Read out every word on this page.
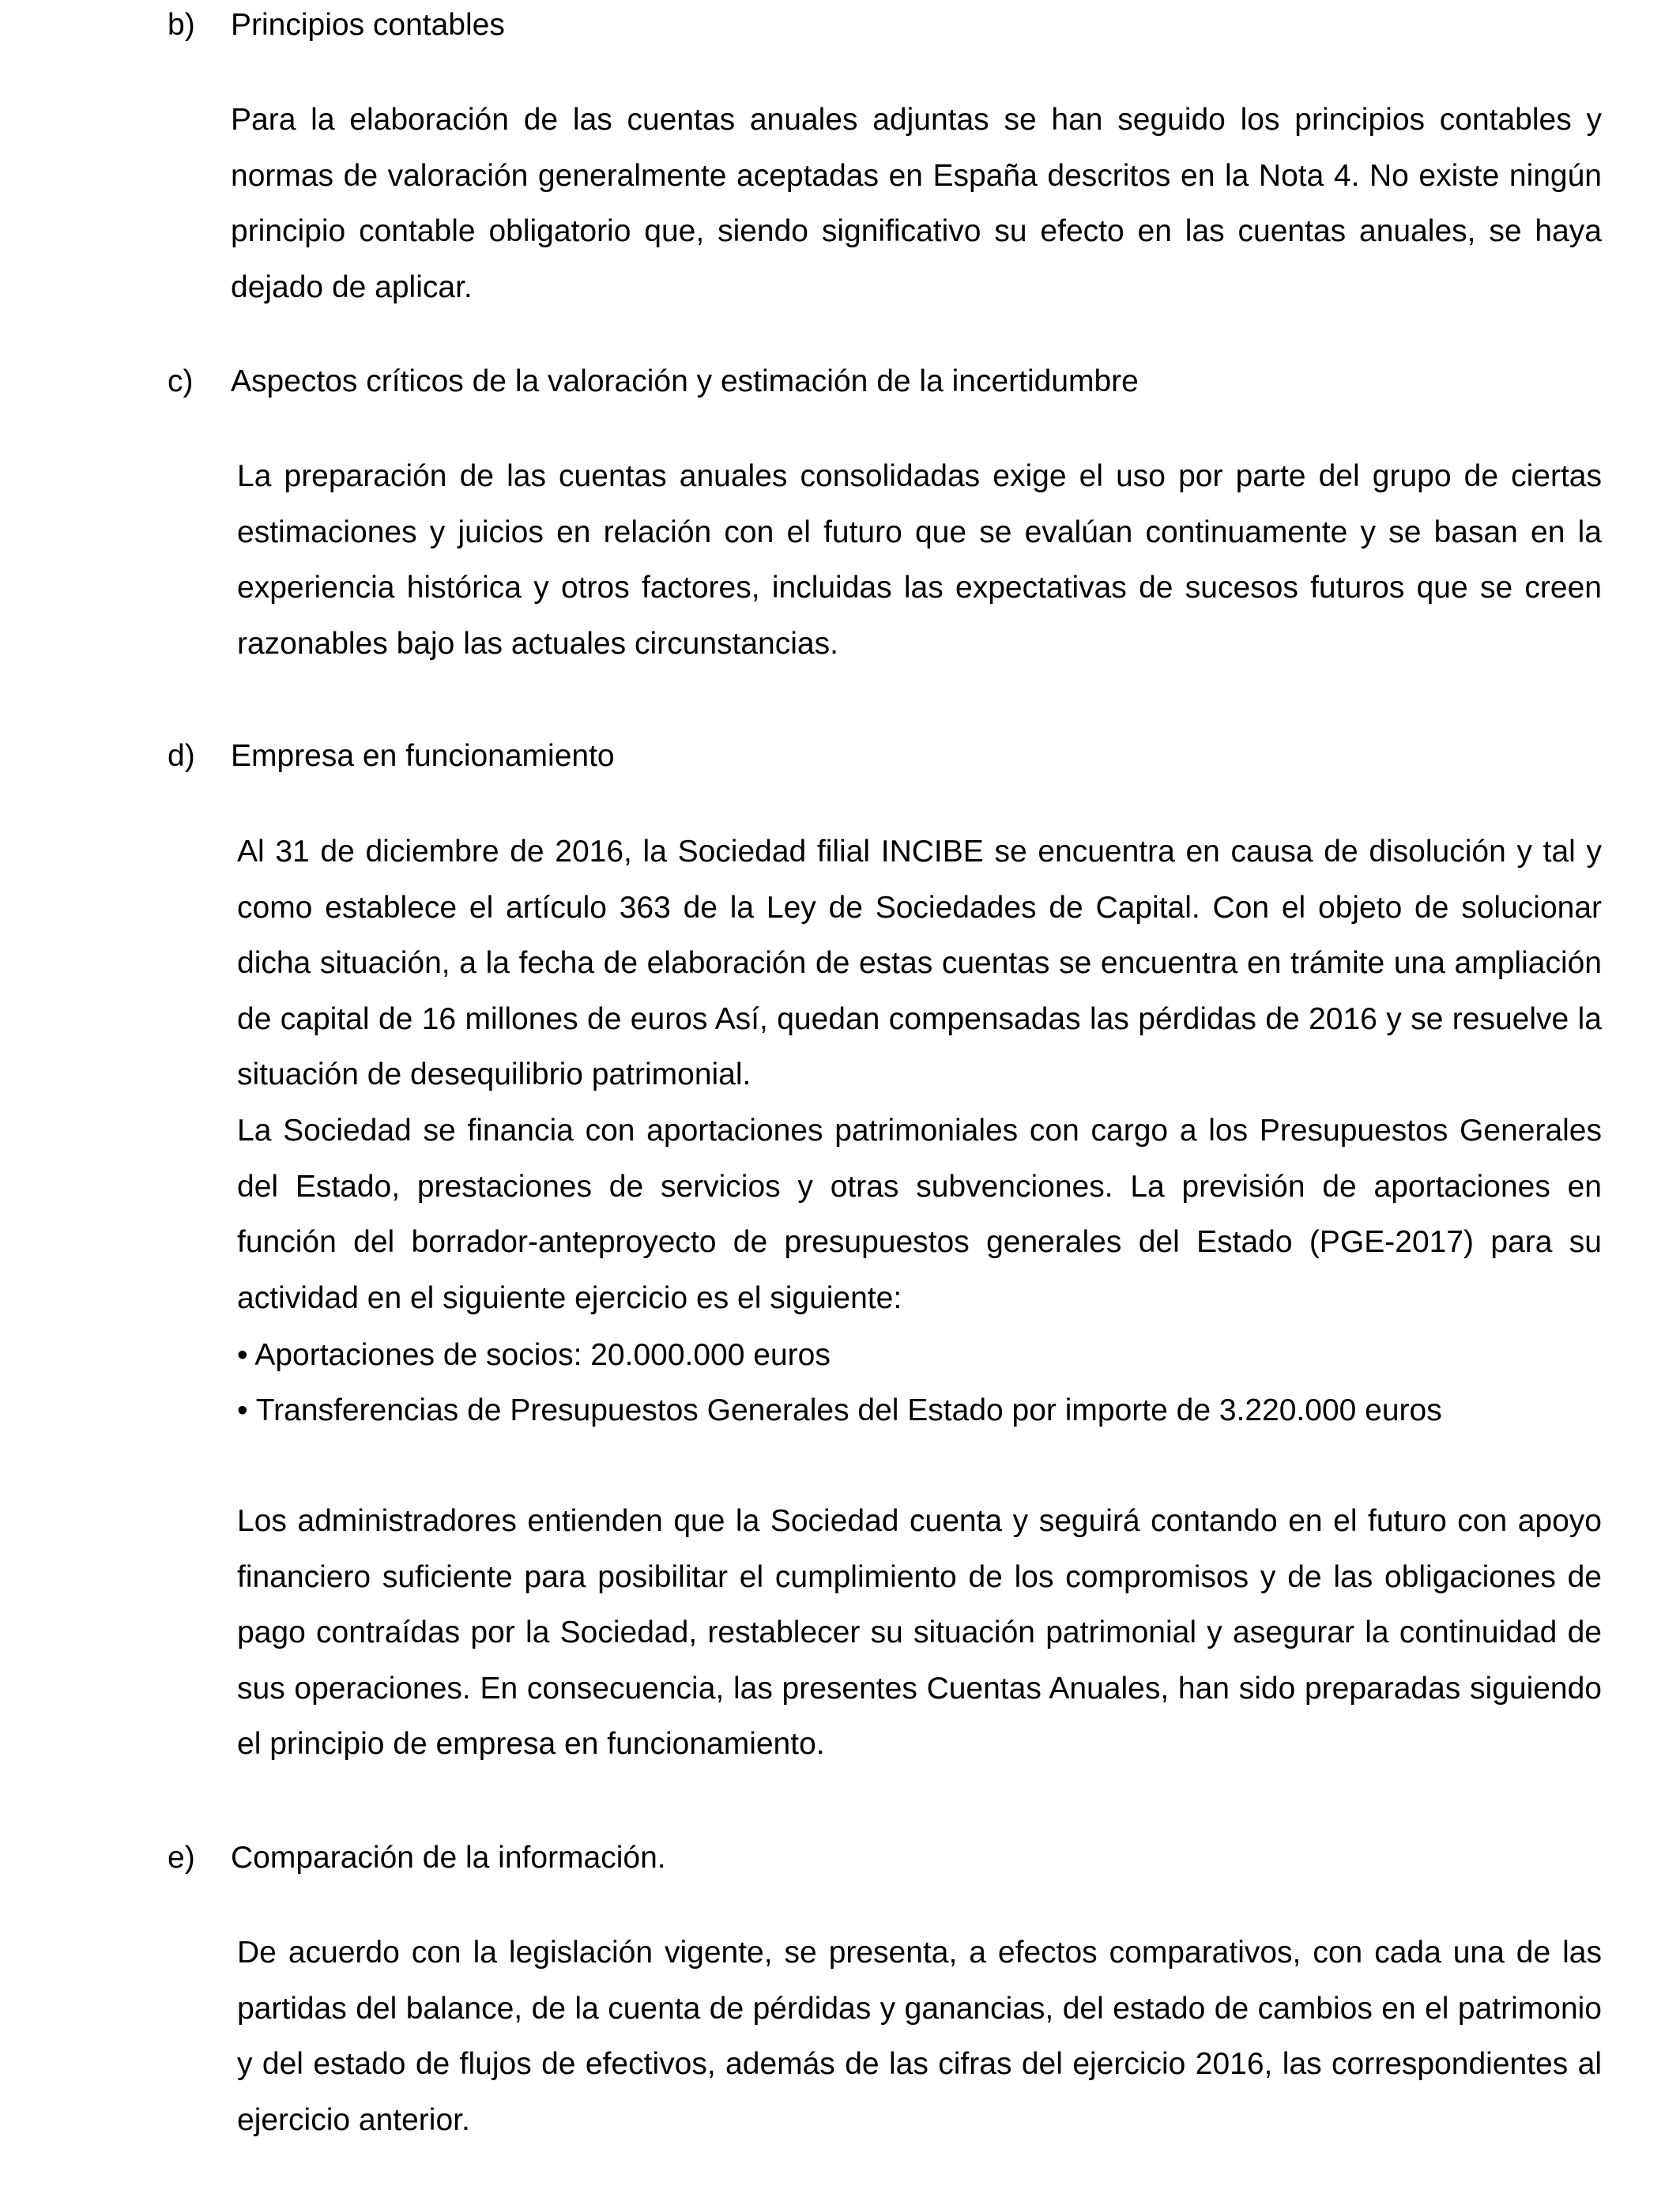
b) Principios contables

Para la elaboración de las cuentas anuales adjuntas se han seguido los principios contables y normas de valoración generalmente aceptadas en España descritos en la Nota 4. No existe ningún principio contable obligatorio que, siendo significativo su efecto en las cuentas anuales, se haya dejado de aplicar.

c) Aspectos críticos de la valoración y estimación de la incertidumbre

La preparación de las cuentas anuales consolidadas exige el uso por parte del grupo de ciertas estimaciones y juicios en relación con el futuro que se evalúan continuamente y se basan en la experiencia histórica y otros factores, incluidas las expectativas de sucesos futuros que se creen razonables bajo las actuales circunstancias.

d) Empresa en funcionamiento

Al 31 de diciembre de 2016, la Sociedad filial INCIBE se encuentra en causa de disolución y tal y como establece el artículo 363 de la Ley de Sociedades de Capital. Con el objeto de solucionar dicha situación, a la fecha de elaboración de estas cuentas se encuentra en trámite una ampliación de capital de 16 millones de euros Así, quedan compensadas las pérdidas de 2016 y se resuelve la situación de desequilibrio patrimonial.

La Sociedad se financia con aportaciones patrimoniales con cargo a los Presupuestos Generales del Estado, prestaciones de servicios y otras subvenciones. La previsión de aportaciones en función del borrador-anteproyecto de presupuestos generales del Estado (PGE-2017) para su actividad en el siguiente ejercicio es el siguiente:

• Aportaciones de socios: 20.000.000 euros
• Transferencias de Presupuestos Generales del Estado por importe de 3.220.000 euros

Los administradores entienden que la Sociedad cuenta y seguirá contando en el futuro con apoyo financiero suficiente para posibilitar el cumplimiento de los compromisos y de las obligaciones de pago contraídas por la Sociedad, restablecer su situación patrimonial y asegurar la continuidad de sus operaciones. En consecuencia, las presentes Cuentas Anuales, han sido preparadas siguiendo el principio de empresa en funcionamiento.

e) Comparación de la información.

De acuerdo con la legislación vigente, se presenta, a efectos comparativos, con cada una de las partidas del balance, de la cuenta de pérdidas y ganancias, del estado de cambios en el patrimonio y del estado de flujos de efectivos, además de las cifras del ejercicio 2016, las correspondientes al ejercicio anterior.
